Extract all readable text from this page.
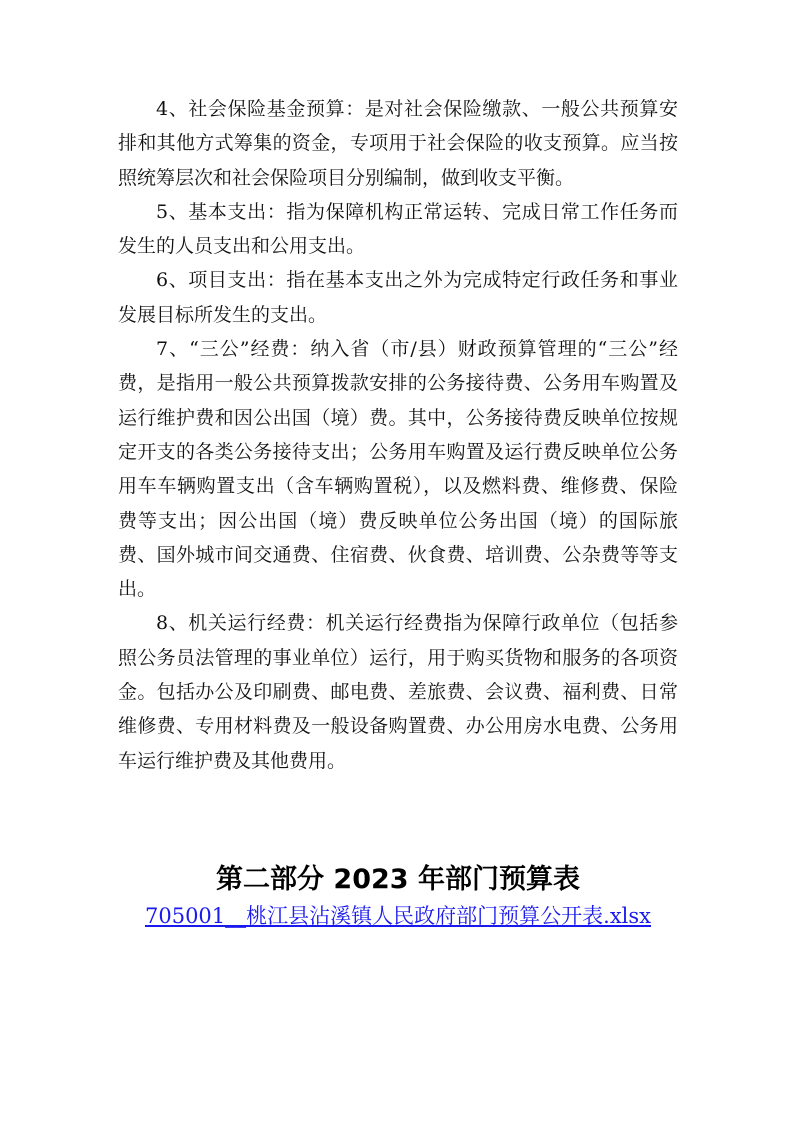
4、社会保险基金预算：是对社会保险缴款、一般公共预算安排和其他方式筹集的资金，专项用于社会保险的收支预算。应当按照统筹层次和社会保险项目分别编制，做到收支平衡。

5、基本支出：指为保障机构正常运转、完成日常工作任务而发生的人员支出和公用支出。

6、项目支出：指在基本支出之外为完成特定行政任务和事业发展目标所发生的支出。

7、“三公”经费：纳入省（市/县）财政预算管理的“三公”经费，是指用一般公共预算拨款安排的公务接待费、公务用车购置及运行维护费和因公出国（境）费。其中，公务接待费反映单位按规定开支的各类公务接待支出；公务用车购置及运行费反映单位公务用车车辆购置支出（含车辆购置税），以及燃料费、维修费、保险费等支出；因公出国（境）费反映单位公务出国（境）的国际旅费、国外城市间交通费、住宿费、伙食费、培训费、公杂费等等支出。

8、机关运行经费：机关运行经费指为保障行政单位（包括参照公务员法管理的事业单位）运行，用于购买货物和服务的各项资金。包括办公及印刷费、邮电费、差旅费、会议费、福利费、日常维修费、专用材料费及一般设备购置费、办公用房水电费、公务用车运行维护费及其他费用。

第二部分 2023 年部门预算表
705001__桃江县沾溪镇人民政府部门预算公开表.xlsx
